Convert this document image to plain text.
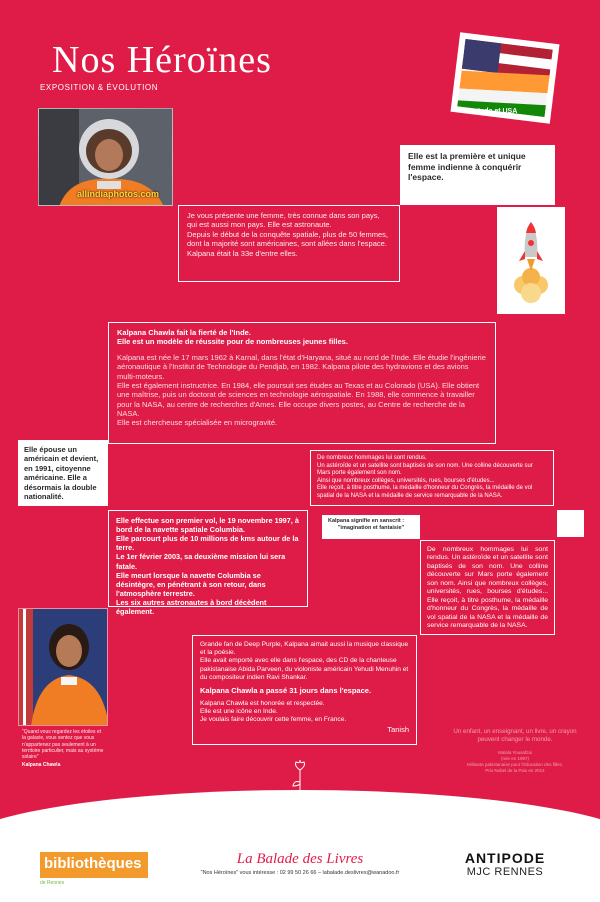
Nos Héroïnes
EXPOSITION & ÉVOLUTION
allindiaphotos.com
Inde et USA

Elle est la première et unique femme indienne à conquérir l'espace.

Je vous présente une femme, très connue dans son pays, qui est aussi mon pays. Elle est astronaute.

Depuis le début de la conquête spatiale, plus de 50 femmes, dont la majorité sont américaines, sont allées dans l'espace.

Kalpana était la 33e d'entre elles.

Kalpana Chawla fait la fierté de l'Inde.

Elle est un modèle de réussite pour de nombreuses jeunes filles.

Kalpana est née le 17 mars 1962 à Karnal, dans l'état d'Haryana, situé au nord de l'Inde. Elle étudie l'ingénierie aéronautique à l'Institut de Technologie du Pendjab, en 1982. Kalpana pilote des hydravions et des avions multi-moteurs.

Elle est également instructrice. En 1984, elle poursuit ses études au Texas et au Colorado (USA). Elle obtient une maîtrise, puis un doctorat de sciences en technologie aérospatiale. En 1988, elle commence à travailler pour la NASA, au centre de recherches d'Ames. Elle occupe divers postes, au Centre de recherche de la NASA.

Elle est chercheuse spécialisée en microgravité.

Elle épouse un américain et devient, en 1991, citoyenne américaine. Elle a désormais la double nationalité.

De nombreux hommages lui sont rendus.

Un astéroïde et un satellite sont baptisés de son nom. Une colline découverte sur Mars porte également son nom.

Ainsi que nombreux collèges, universités, rues, bourses d'études...

Elle reçoit, à titre posthume, la médaille d'honneur du Congrès, la médaille de vol spatial de la NASA et la médaille de service remarquable de la NASA.

Elle effectue son premier vol, le 19 novembre 1997, à bord de la navette spatiale Columbia.

Elle parcourt plus de 10 millions de kms autour de la terre.

Le 1er février 2003, sa deuxième mission lui sera fatale.

Elle meurt lorsque la navette Columbia se désintègre, en pénétrant à son retour, dans l'atmosphère terrestre.

Les six autres astronautes à bord décèdent également.

Kalpana signifie en sanscrit :

"imagination et fantaisie"

De nombreux hommages lui sont rendus. Un astéroïde et un satellite sont baptisés de son nom. Une colline découverte sur Mars porte également son nom. Ainsi que nombreux collèges, universités, rues, bourses d'études... Elle reçoit, à titre posthume, la médaille d'honneur du Congrès, la médaille de vol spatial de la NASA et la médaille de service remarquable de la NASA.

"Quand vous regardez les étoiles et la galaxie, vous sentez que vous n'appartenez pas seulement à un territoire particulier, mais au système solaire"

Kalpana Chawla

Grande fan de Deep Purple, Kalpana aimait aussi la musique classique et la poésie.

Elle avait emporté avec elle dans l'espace, des CD de la chanteuse pakistanaise Abida Parveen, du violoniste américain Yehudi Menuhin et du compositeur indien Ravi Shankar.

Kalpana Chawla a passé 31 jours dans l'espace.

Kalpana Chawla est honorée et respectée.

Elle est une icône en Inde.

Je voulais faire découvrir cette femme, en France.

Tanish	Un enfant, un enseignant, un livre, un crayon peuvent changer le monde.

Malala Yousafzai

(née en 1997)

Militante pakistanaise pour l'éducation des filles.

Prix Nobel de la Paix en 2014

bibliothèques
de Rennes
La Balade des Livres
"Nos Héroïnes" vous intéresse : 02 99 50 26 66 – labalade.deslivres@wanadoo.fr
ANTIPODE
MJC RENNES
